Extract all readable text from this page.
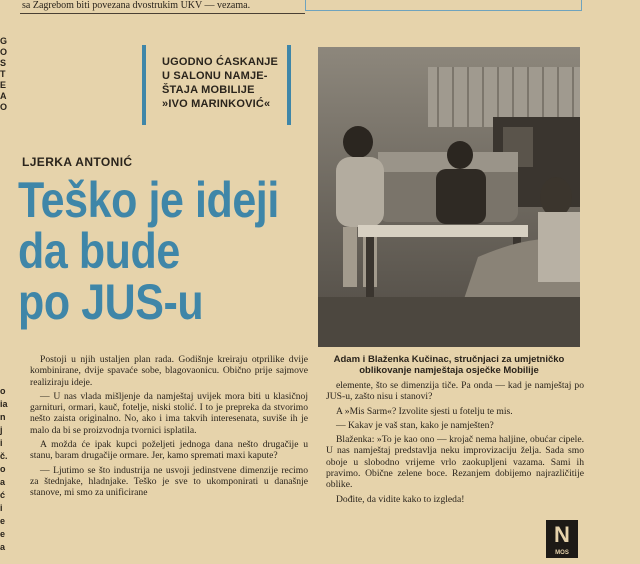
sa Zagrebom biti povezana dvostrukim UKV — vezama.
G
O
S
T
E
A
O
o
ia
n
j
i
č.
o
a
ć
i
e
e
a
UGODNO ĆASKANJE
U SALONU NAMJE-
ŠTAJA MOBILIJE
»IVO MARINKOVIĆ«
LJERKA ANTONIĆ
Teško je ideji
da bude
po JUS-u
Adam i Blaženka Kučinac, stručnjaci za umjetničko oblikovanje namještaja osječke Mobilije

Postoji u njih ustaljen plan rada. Godišnje kreiraju otprilike dvije kombinirane, dvije spavaće sobe, blagovaonicu. Obično prije sajmove realiziraju ideje.

— U nas vlada mišljenje da namještaj uvijek mora biti u klasičnoj garnituri, ormari, kauč, fotelje, niski stolić. I to je prepreka da stvorimo nešto zaista originalno. No, ako i ima takvih interesenata, suviše ih je malo da bi se proizvodnja tvornici isplatila.

A možda će ipak kupci poželjeti jednoga dana nešto drugačije u stanu, baram drugačije ormare. Jer, kamo spremati maxi kapute?

— Ljutimo se što industrija ne usvoji jedinstvene dimenzije recimo za štednjake, hladnjake. Teško je sve to ukomponirati u današnje stanove, mi smo za unificirane

elemente, što se dimenzija tiče. Pa onda — kad je namještaj po JUS-u, zašto nisu i stanovi?

A »Mis Sarm«? Izvolite sjesti u fotelju te mis.

— Kakav je vaš stan, kako je namješten?

Blaženka: »To je kao ono — krojač nema haljine, obućar cipele. U nas namještaj predstavlja neku improvizaciju želja. Sada smo oboje u slobodno vrijeme vrlo zaokupljeni vazama. Sami ih pravimo. Obične zelene boce. Rezanjem dobijemo najrazličitije oblike.

Dođite, da vidite kako to izgleda!

N
MOS
